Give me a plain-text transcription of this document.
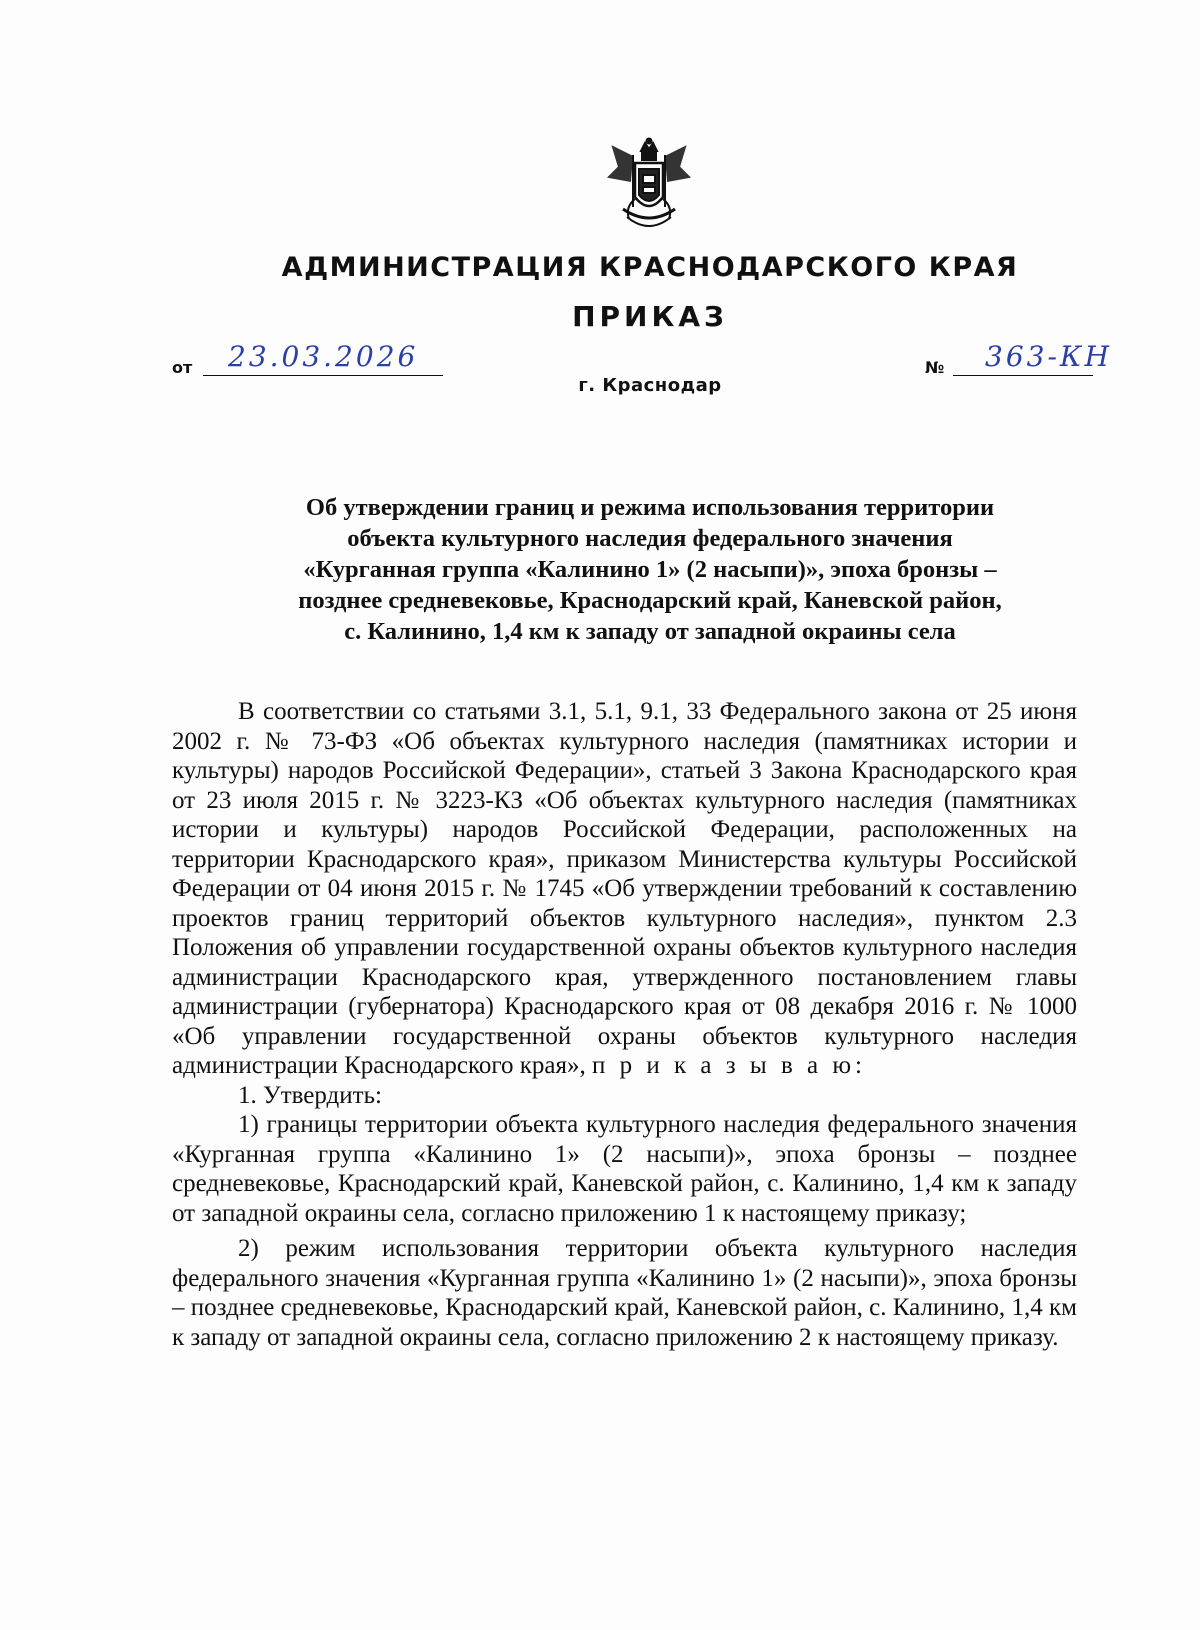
АДМИНИСТРАЦИЯ КРАСНОДАРСКОГО КРАЯ
ПРИКАЗ
от 23.03.2026	№ 363-КН
г. Краснодар
Об утверждении границ и режима использования территории
объекта культурного наследия федерального значения
«Курганная группа «Калинино 1» (2 насыпи)», эпоха бронзы –
позднее средневековье, Краснодарский край, Каневской район,
с. Калинино, 1,4 км к западу от западной окраины села

В соответствии со статьями 3.1, 5.1, 9.1, 33 Федерального закона от 25 июня 2002 г. № 73-ФЗ «Об объектах культурного наследия (памятниках истории и культуры) народов Российской Федерации», статьей 3 Закона Краснодарского края от 23 июля 2015 г. № 3223-КЗ «Об объектах культурного наследия (памятниках истории и культуры) народов Российской Федерации, расположенных на территории Краснодарского края», приказом Министерства культуры Российской Федерации от 04 июня 2015 г. № 1745 «Об утверждении требований к составлению проектов границ территорий объектов культурного наследия», пунктом 2.3 Положения об управлении государственной охраны объектов культурного наследия администрации Краснодарского края, утвержденного постановлением главы администрации (губернатора) Краснодарского края от 08 декабря 2016 г. № 1000 «Об управлении государственной охраны объектов культурного наследия администрации Краснодарского края», п р и к а з ы в а ю:

1. Утвердить:

1) границы территории объекта культурного наследия федерального значения «Курганная группа «Калинино 1» (2 насыпи)», эпоха бронзы – позднее средневековье, Краснодарский край, Каневской район, с. Калинино, 1,4 км к западу от западной окраины села, согласно приложению 1 к настоящему приказу;

2) режим использования территории объекта культурного наследия федерального значения «Курганная группа «Калинино 1» (2 насыпи)», эпоха бронзы – позднее средневековье, Краснодарский край, Каневской район, с. Калинино, 1,4 км к западу от западной окраины села, согласно приложению 2 к настоящему приказу.
